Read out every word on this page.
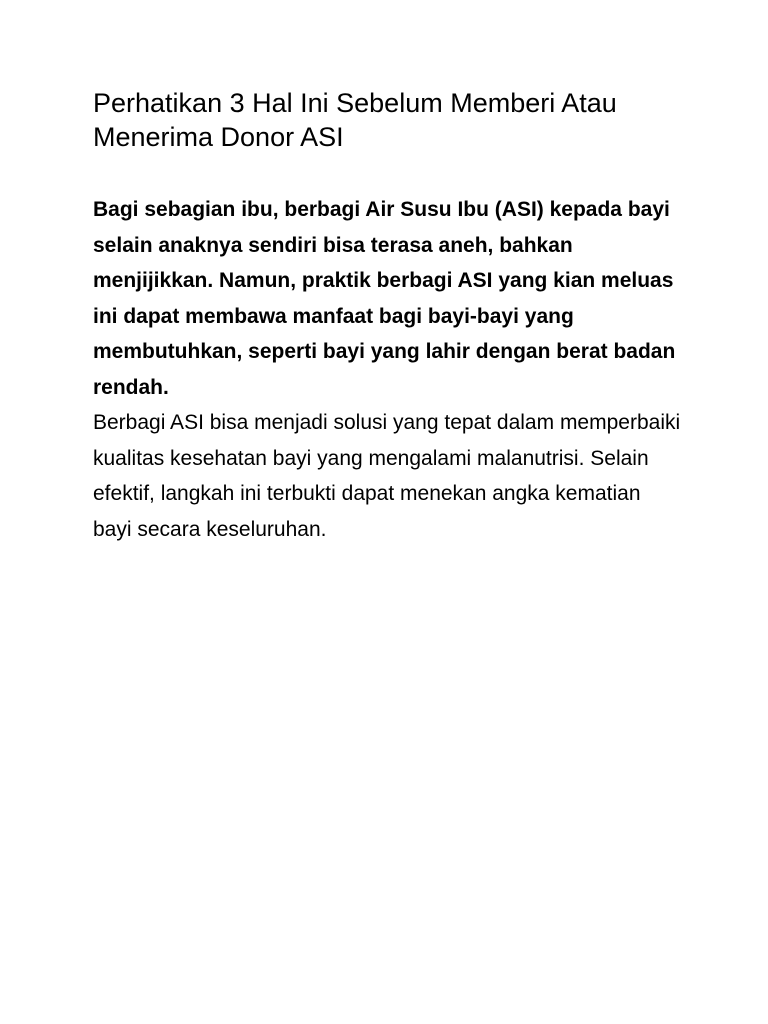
Perhatikan 3 Hal Ini Sebelum Memberi Atau Menerima Donor ASI

Bagi sebagian ibu, berbagi Air Susu Ibu (ASI) kepada bayi selain anaknya sendiri bisa terasa aneh, bahkan menjijikkan. Namun, praktik berbagi ASI yang kian meluas ini dapat membawa manfaat bagi bayi-bayi yang membutuhkan, seperti bayi yang lahir dengan berat badan rendah.

Berbagi ASI bisa menjadi solusi yang tepat dalam memperbaiki kualitas kesehatan bayi yang mengalami malanutrisi. Selain efektif, langkah ini terbukti dapat menekan angka kematian bayi secara keseluruhan.
